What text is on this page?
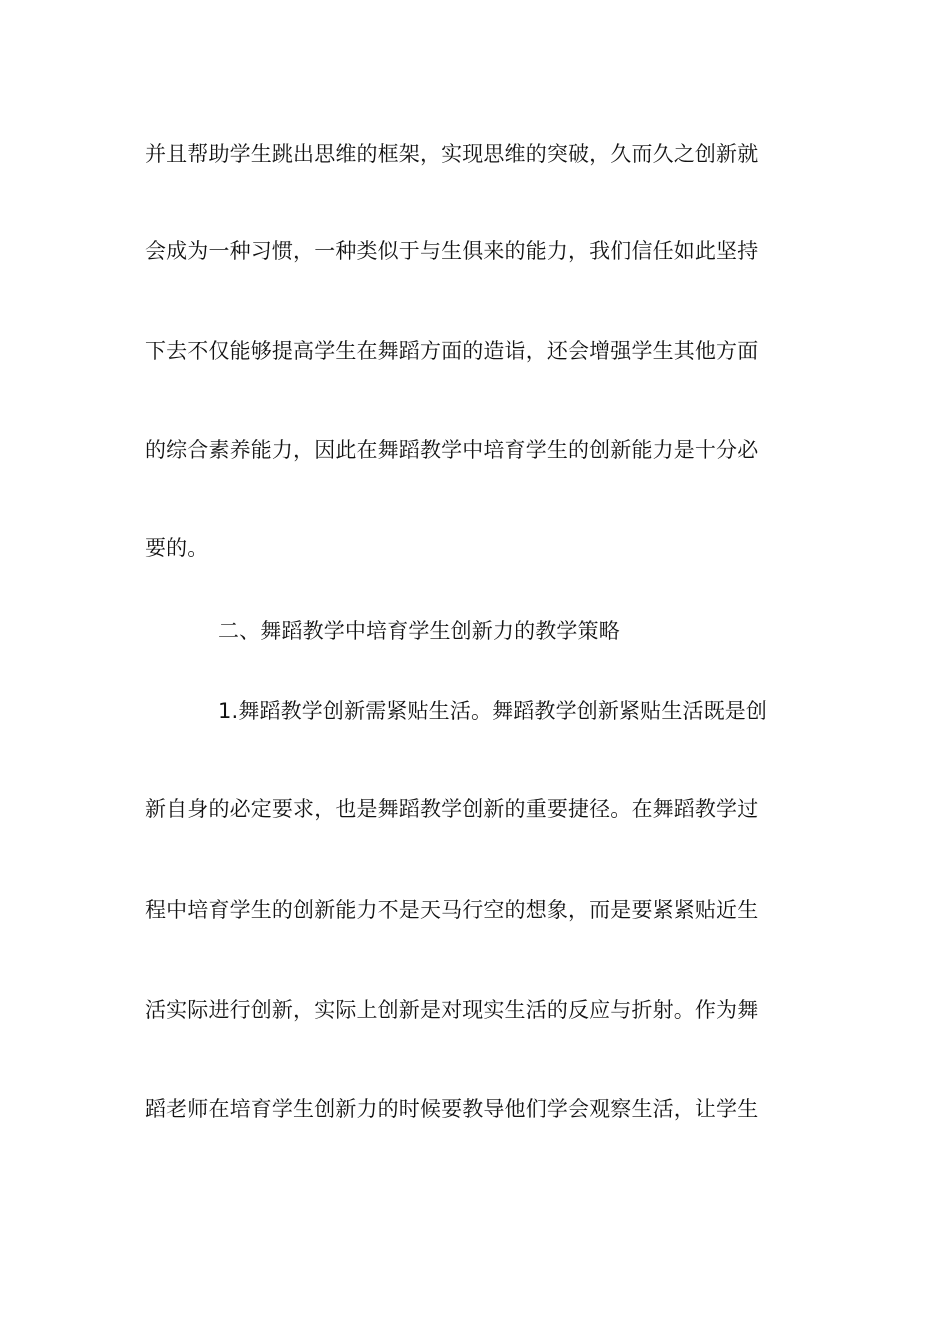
并且帮助学生跳出思维的框架，实现思维的突破，久而久之创新就
会成为一种习惯，一种类似于与生俱来的能力，我们信任如此坚持
下去不仅能够提高学生在舞蹈方面的造诣，还会增强学生其他方面
的综合素养能力，因此在舞蹈教学中培育学生的创新能力是十分必
要的。
二、舞蹈教学中培育学生创新力的教学策略
1.舞蹈教学创新需紧贴生活。舞蹈教学创新紧贴生活既是创
新自身的必定要求，也是舞蹈教学创新的重要捷径。在舞蹈教学过
程中培育学生的创新能力不是天马行空的想象，而是要紧紧贴近生
活实际进行创新，实际上创新是对现实生活的反应与折射。作为舞
蹈老师在培育学生创新力的时候要教导他们学会观察生活，让学生
